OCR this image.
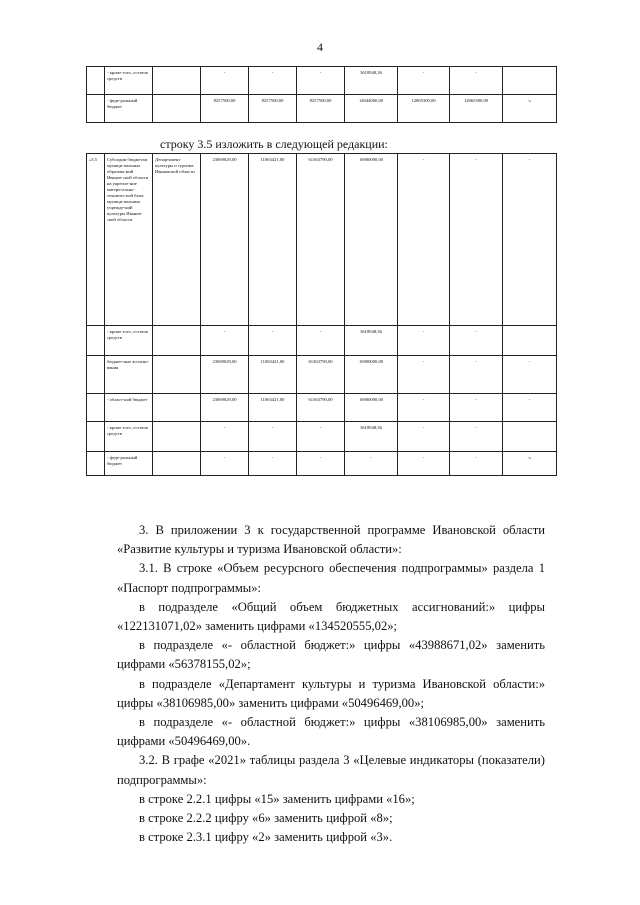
4
	- кроме того, остаток средств		-	-	-	3618948,36	-	-	
	- феде-ральный бюджет		8257500,00	8257500,00	8257500,00	14044000,00	12865300,00	12865300,00	-»
строку 3.5 изложить в следующей редакции:
«3.5	Субсидии бюджетам муници-пальных образова-ний Иванов-ской области на укрепле-ние матери-ально-техничес-кой базы муници-пальных учрежде-ний культуры Иванов-ской области	Департамент культуры и туризма Ивановской области	23069029,00	11063421,00	61363790,00	16900000,00	-	-	-
	- кроме того, остаток средств		-	-	-	3618948,36	-	-	
	бюджет-ные ассигно-вания		23069029,00	11063421,00	61363790,00	16900000,00	-	-	-
	- област-ной бюджет		23069029,00	11063421,00	61363790,00	16900000,00	-	-	-
	- кроме того, остаток средств		-	-	-	3618948,36	-	-	
	- феде-ральный бюджет		-	-	-	-	-	-	-»

3. В приложении 3 к государственной программе Ивановской области «Развитие культуры и туризма Ивановской области»:

3.1. В строке «Объем ресурсного обеспечения подпрограммы» раздела 1 «Паспорт подпрограммы»:

в подразделе «Общий объем бюджетных ассигнований:» цифры «122131071,02» заменить цифрами «134520555,02»;

в подразделе «- областной бюджет:» цифры «43988671,02» заменить цифрами «56378155,02»;

в подразделе «Департамент культуры и туризма Ивановской области:» цифры «38106985,00» заменить цифрами «50496469,00»;

в подразделе «- областной бюджет:» цифры «38106985,00» заменить цифрами «50496469,00».

3.2. В графе «2021» таблицы раздела 3 «Целевые индикаторы (показатели) подпрограммы»:

в строке 2.2.1 цифры «15» заменить цифрами «16»;

в строке 2.2.2 цифру «6» заменить цифрой «8»;

в строке 2.3.1 цифру «2» заменить цифрой «3».
